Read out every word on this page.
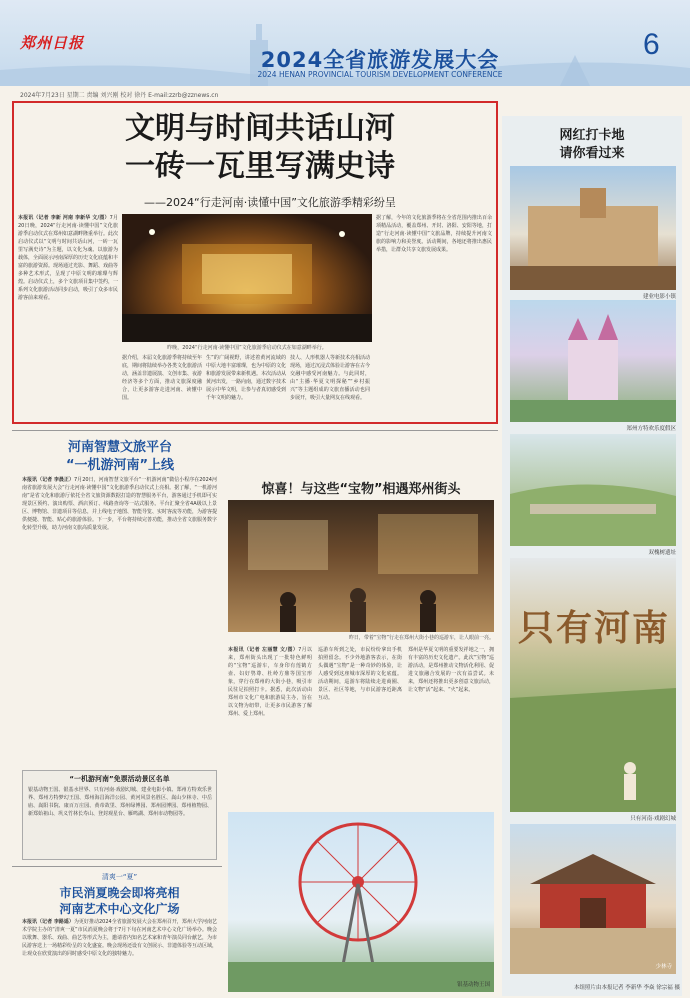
郑州日报
2024全省旅游发展大会
2024 HENAN PROVINCIAL TOURISM DEVELOPMENT CONFERENCE
6
2024年7月23日 星期二 责编 刘兴刚 校对 徐丹 E-mail:zzrb@zznews.cn
文明与时间共话山河
一砖一瓦里写满史诗
——2024“行走河南·读懂中国”文化旅游季精彩纷呈
本报讯（记者 李新 河南 李新华 文/图）7月20日晚，2024“行走河南·读懂中国”文化旅游季启动仪式在郑州如意湖畔隆重举行。此次启动仪式以“文明与时间共话山河，一砖一瓦里写满史诗”为主题，以文化为魂、以旅游为载体，全面展示河南深厚的历史文化底蕴和丰富的旅游资源。现场通过光影、舞蹈、戏曲等多种艺术形式，呈现了中原文明的璀璨与辉煌。启动仪式上，多个文旅项目集中签约，一系列文化旅游活动同步启动，吸引了众多市民游客前来观看。
昨晚，2024“行走河南·读懂中国”文化旅游季启动仪式在如意湖畔举行。
据了解，今年的文化旅游季将在全省范围内推出百余项精品活动，覆盖郑州、开封、洛阳、安阳等地，打造“行走河南·读懂中国”文旅品牌，持续提升河南文旅的影响力和美誉度。活动期间，各地还将推出惠民举措，让群众共享文旅发展成果。
据介绍，本届文化旅游季将持续至年底，期间将陆续举办各类文化旅游活动，涵盖非遗展演、文创市集、夜游经济等多个方面，推动文旅深度融合，让更多游客走进河南、读懂中国。
生”的广阔视野，讲述着黄河流域的中原大地丰富璀璨，也为中原的文化和旅游发展带来新机遇。本次活动从黄河出发，一路向南，通过数字技术展示中华文明，让参与者真切感受到千年文明的魅力。
技人、人形机器人等新技术亮相活动现场，通过沉浸式体验让游客在古今交融中感受河南魅力。与此同时，由“主播·华夏文明探秘”“乡村振兴”等主题组成的文旅直播活动也同步展开，吸引大量网友在线观看。
河南智慧文旅平台
“一机游河南”上线
本报讯（记者 李晨正）7月20日，河南智慧文旅平台“一机游河南”微信小程序在2024河南省旅游发展大会“行走河南·读懂中国”文化旅游季启动仪式上亮相。据了解，“一机游河南”是省文化和旅游厅依托全省文旅资源数据打造的智慧服务平台，游客通过手机即可实现景区预约、演出购票、酒店预订、线路查询等一站式服务。平台汇聚全省4A级以上景区、博物馆、非遗项目等信息，并上线电子地图、智能导览、实时客流等功能，为游客提供便捷、智能、贴心的旅游体验。下一步，平台将持续完善功能，推动全省文旅服务数字化转型升级，助力河南文旅高质量发展。
“一机游河南”免票活动景区名单
银基动物王国、银基水世界、只有河南·戏剧幻城、建业电影小镇、郑州方特欢乐世界、郑州方特梦幻王国、郑州海昌海洋公园、黄河风景名胜区、嵩山少林寺、中岳庙、嵩阳书院、康百万庄园、黄帝故里、郑州绿博园、郑州园博园、郑州植物园、新郑始祖山、巩义竹林长寿山、登封观星台、雁鸣湖、郑州市动物园等。
清爽一“夏”
市民消夏晚会即将亮相
河南艺术中心文化广场
本报讯（记者 李路遥）为更好推动2024全省旅游发展大会在郑州召开，郑州大学河南艺术学院主办的“清爽一夏”市民消夏晚会将于7月下旬在河南艺术中心文化广场举办。晚会以歌舞、器乐、戏曲、曲艺等形式为主，邀请省内知名艺术家和青年演员同台献艺，为市民游客送上一场精彩纷呈的文化盛宴。晚会现场还设有文创展示、非遗体验等互动区域，让观众在欣赏演出的同时感受中原文化的独特魅力。
惊喜！与这些“宝物”相遇郑州街头
昨日，带着“宝物”行走在郑州大街小巷的巡游车，让人眼前一亮。
本报讯（记者 左丽慧 文/图）7月以来，郑州街头出现了一批特色鲜明的“宝物”巡游车，车身印有莲鹤方壶、妇好鸮尊、杜岭方鼎等国宝形象，穿行在郑州的大街小巷，吸引市民驻足拍照打卡。据悉，此次活动由郑州市文化广电和旅游局主办，旨在以文物为纽带，让更多市民游客了解郑州、爱上郑州。
巡游车所到之处，市民纷纷拿出手机拍照留念。不少外地游客表示，在街头偶遇“宝物”是一种奇妙的体验，让人感受到这座城市深厚的文化底蕴。活动期间，巡游车将陆续走进商圈、景区、社区等地，与市民游客近距离互动。
郑州是华夏文明的重要发祥地之一，拥有丰富的历史文化遗产。此次“宝物”巡游活动，是郑州推动文物活化利用、促进文旅融合发展的一次有益尝试。未来，郑州还将推出更多创意文旅活动，让文物“活”起来、“火”起来。
银基动物王国
网红打卡地
请你看过来
建业电影小镇
郑州方特欢乐度假区
双槐树遗址
只有河南
只有河南·戏剧幻城
少林寺
本组照片由本报记者 李新华 李焱 徐宗福 摄
